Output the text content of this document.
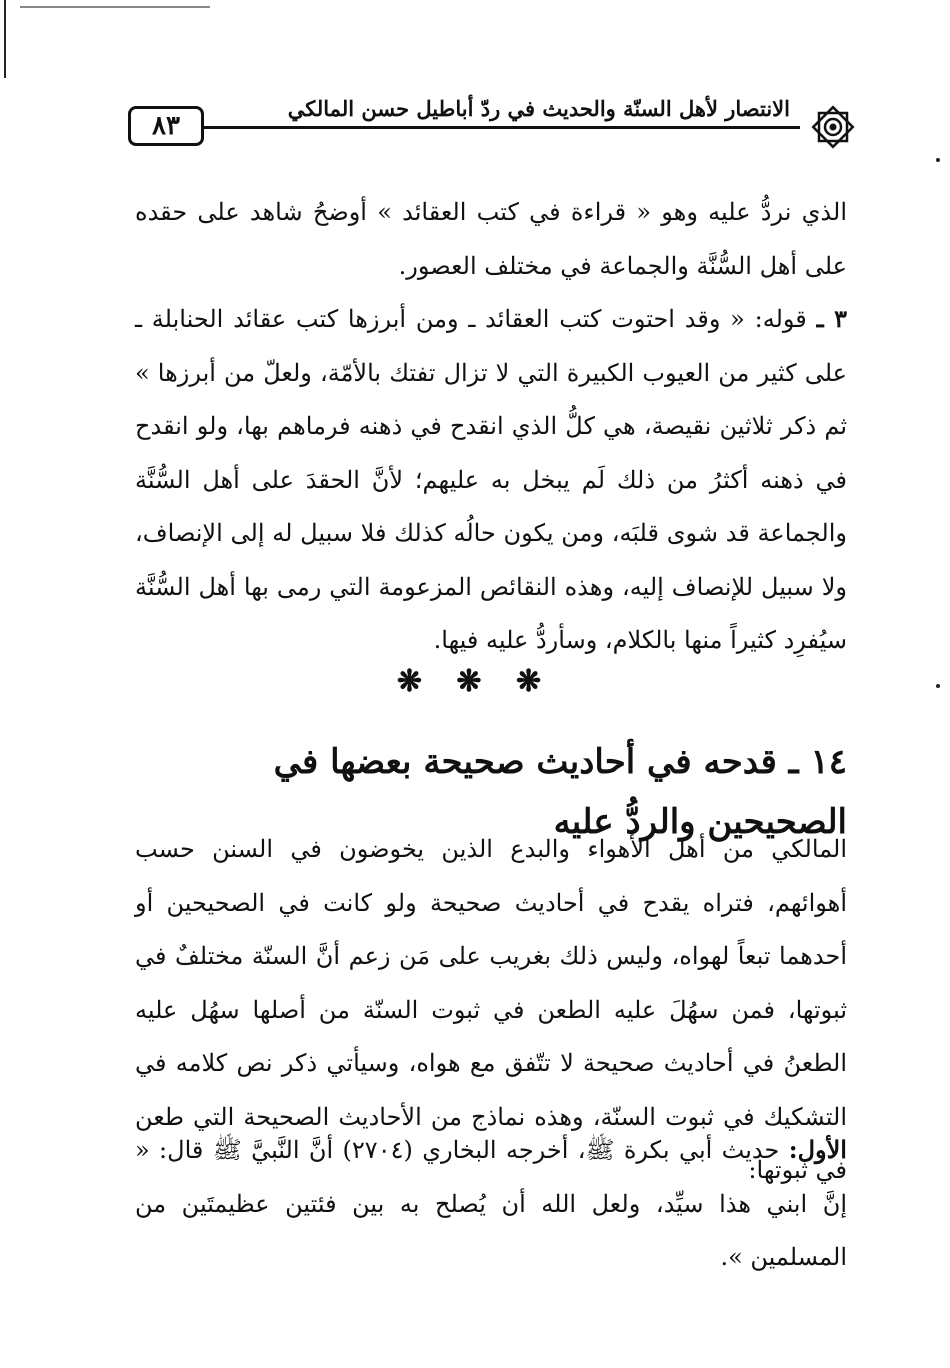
٨٣
الانتصار لأهل السنّة والحديث في ردّ أباطيل حسن المالكي
الذي نردُّ عليه وهو « قراءة في كتب العقائد » أوضحُ شاهد على حقده على أهل السُّنَّة والجماعة في مختلف العصور.
٣ ـ قوله: « وقد احتوت كتب العقائد ـ ومن أبرزها كتب عقائد الحنابلة ـ على كثير من العيوب الكبيرة التي لا تزال تفتك بالأمّة، ولعلّ من أبرزها » ثم ذكر ثلاثين نقيصة، هي كلُّ الذي انقدح في ذهنه فرماهم بها، ولو انقدح في ذهنه أكثرُ من ذلك لَم يبخل به عليهم؛ لأنَّ الحقدَ على أهل السُّنَّة والجماعة قد شوى قلبَه، ومن يكون حالُه كذلك فلا سبيل له إلى الإنصاف، ولا سبيل للإنصاف إليه، وهذه النقائص المزعومة التي رمى بها أهل السُّنَّة سيُفرِد كثيراً منها بالكلام، وسأردُّ عليه فيها.
❋ ❋ ❋
١٤ ـ قدحه في أحاديث صحيحة بعضها في الصحيحين والردُّ عليه
المالكي من أهل الأهواء والبدع الذين يخوضون في السنن حسب أهوائهم، فتراه يقدح في أحاديث صحيحة ولو كانت في الصحيحين أو أحدهما تبعاً لهواه، وليس ذلك بغريب على مَن زعم أنَّ السنّة مختلفٌ في ثبوتها، فمن سهُلَ عليه الطعن في ثبوت السنّة من أصلها سهُل عليه الطعنُ في أحاديث صحيحة لا تتّفق مع هواه، وسيأتي ذكر نص كلامه في التشكيك في ثبوت السنّة، وهذه نماذج من الأحاديث الصحيحة التي طعن في ثبوتها:
الأول: حديث أبي بكرة ﷺ، أخرجه البخاري (٢٧٠٤) أنَّ النَّبيَّ ﷺ قال: « إنَّ ابني هذا سيِّد، ولعل الله أن يُصلح به بين فئتين عظيمتَين من المسلمين ».
